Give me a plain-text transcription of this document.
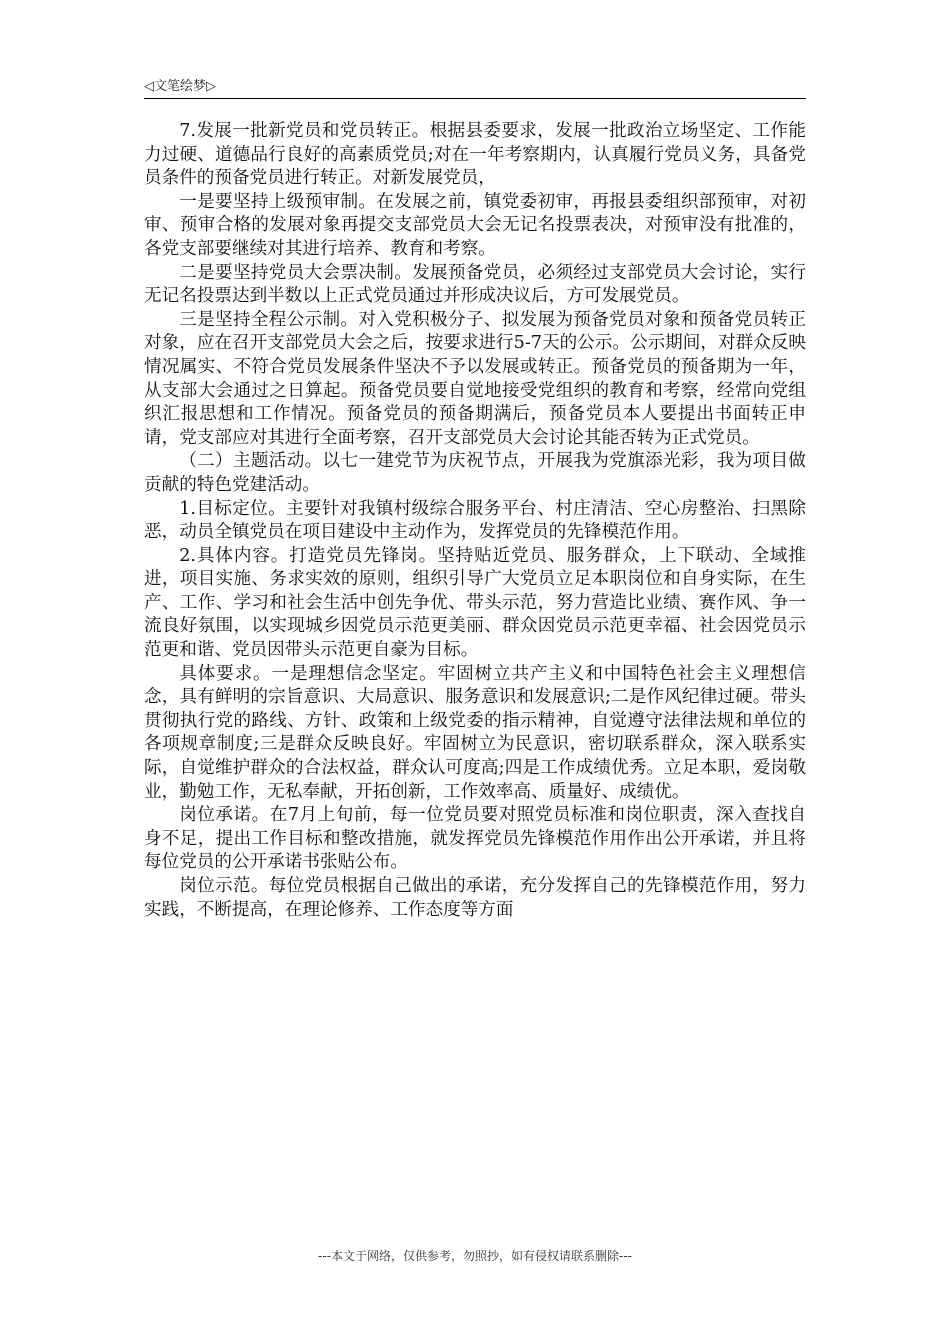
◁文笔绘梦▷

7.发展一批新党员和党员转正。根据县委要求，发展一批政治立场坚定、工作能力过硬、道德品行良好的高素质党员;对在一年考察期内，认真履行党员义务，具备党员条件的预备党员进行转正。对新发展党员，

一是要坚持上级预审制。在发展之前，镇党委初审，再报县委组织部预审，对初审、预审合格的发展对象再提交支部党员大会无记名投票表决，对预审没有批准的，各党支部要继续对其进行培养、教育和考察。

二是要坚持党员大会票决制。发展预备党员，必须经过支部党员大会讨论，实行无记名投票达到半数以上正式党员通过并形成决议后，方可发展党员。

三是坚持全程公示制。对入党积极分子、拟发展为预备党员对象和预备党员转正对象，应在召开支部党员大会之后，按要求进行5-7天的公示。公示期间，对群众反映情况属实、不符合党员发展条件坚决不予以发展或转正。预备党员的预备期为一年，从支部大会通过之日算起。预备党员要自觉地接受党组织的教育和考察，经常向党组织汇报思想和工作情况。预备党员的预备期满后，预备党员本人要提出书面转正申请，党支部应对其进行全面考察，召开支部党员大会讨论其能否转为正式党员。

（二）主题活动。以七一建党节为庆祝节点，开展我为党旗添光彩，我为项目做贡献的特色党建活动。

1.目标定位。主要针对我镇村级综合服务平台、村庄清洁、空心房整治、扫黑除恶，动员全镇党员在项目建设中主动作为，发挥党员的先锋模范作用。

2.具体内容。打造党员先锋岗。坚持贴近党员、服务群众，上下联动、全域推进，项目实施、务求实效的原则，组织引导广大党员立足本职岗位和自身实际，在生产、工作、学习和社会生活中创先争优、带头示范，努力营造比业绩、赛作风、争一流良好氛围，以实现城乡因党员示范更美丽、群众因党员示范更幸福、社会因党员示范更和谐、党员因带头示范更自豪为目标。

具体要求。一是理想信念坚定。牢固树立共产主义和中国特色社会主义理想信念，具有鲜明的宗旨意识、大局意识、服务意识和发展意识;二是作风纪律过硬。带头贯彻执行党的路线、方针、政策和上级党委的指示精神，自觉遵守法律法规和单位的各项规章制度;三是群众反映良好。牢固树立为民意识，密切联系群众，深入联系实际，自觉维护群众的合法权益，群众认可度高;四是工作成绩优秀。立足本职，爱岗敬业，勤勉工作，无私奉献，开拓创新，工作效率高、质量好、成绩优。

岗位承诺。在7月上旬前，每一位党员要对照党员标准和岗位职责，深入查找自身不足，提出工作目标和整改措施，就发挥党员先锋模范作用作出公开承诺，并且将每位党员的公开承诺书张贴公布。

岗位示范。每位党员根据自己做出的承诺，充分发挥自己的先锋模范作用，努力实践，不断提高，在理论修养、工作态度等方面

---本文于网络，仅供参考，勿照抄，如有侵权请联系删除---
